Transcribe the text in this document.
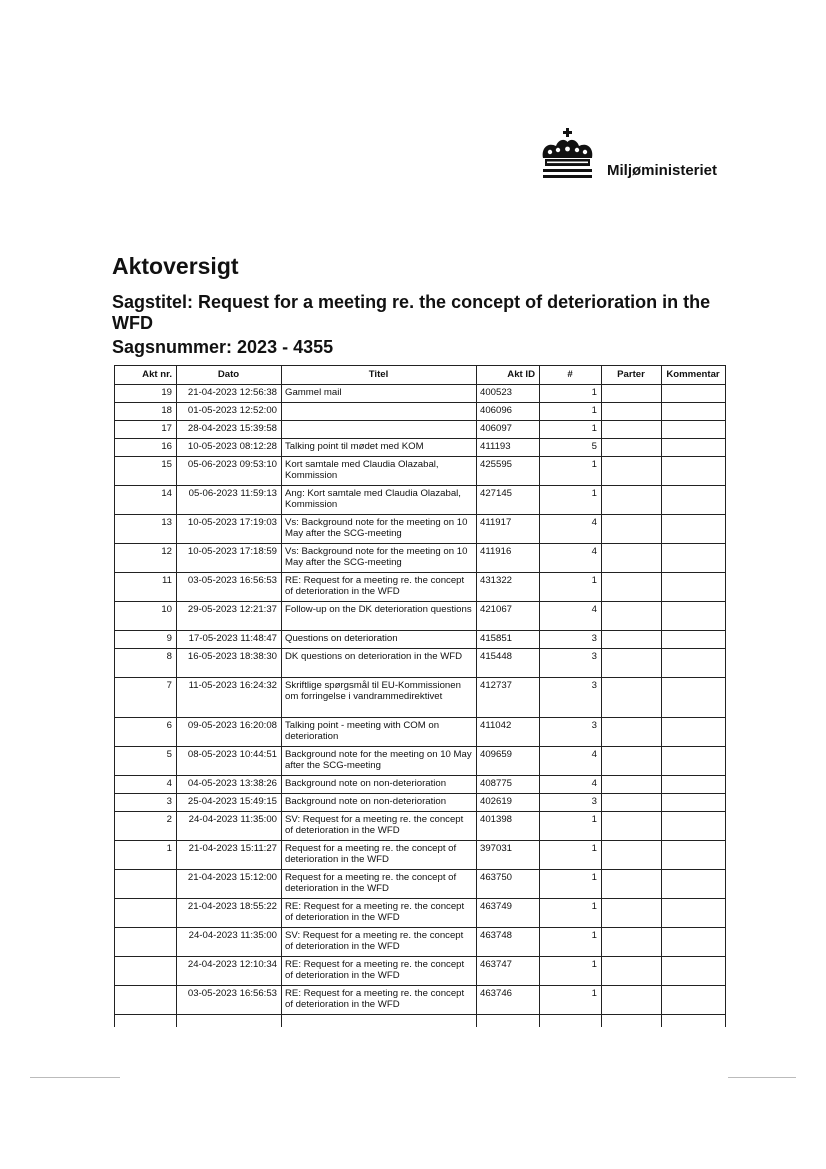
Miljøministeriet
Aktoversigt
Sagstitel: Request for a meeting re. the concept of deterioration in the WFD
Sagsnummer: 2023 - 4355
Akt nr.	Dato	Titel	Akt ID	#	Parter	Kommentar
19	21-04-2023 12:56:38	Gammel mail	400523	1		
18	01-05-2023 12:52:00		406096	1		
17	28-04-2023 15:39:58		406097	1		
16	10-05-2023 08:12:28	Talking point til mødet med KOM	411193	5		
15	05-06-2023 09:53:10	Kort samtale med Claudia Olazabal, Kommission	425595	1		
14	05-06-2023 11:59:13	Ang: Kort samtale med Claudia Olazabal, Kommission	427145	1		
13	10-05-2023 17:19:03	Vs: Background note for the meeting on 10 May after the SCG-meeting	411917	4		
12	10-05-2023 17:18:59	Vs: Background note for the meeting on 10 May after the SCG-meeting	411916	4		
11	03-05-2023 16:56:53	RE: Request for a meeting re. the concept of deterioration in the WFD	431322	1		
10	29-05-2023 12:21:37	Follow-up on the DK deterioration questions	421067	4		
9	17-05-2023 11:48:47	Questions on deterioration	415851	3		
8	16-05-2023 18:38:30	DK questions on deterioration in the WFD	415448	3		
7	11-05-2023 16:24:32	Skriftlige spørgsmål til EU-Kommissionen om forringelse i vandrammedirektivet	412737	3		
6	09-05-2023 16:20:08	Talking point - meeting with COM on deterioration	411042	3		
5	08-05-2023 10:44:51	Background note for the meeting on 10 May after the SCG-meeting	409659	4		
4	04-05-2023 13:38:26	Background note on non-deterioration	408775	4		
3	25-04-2023 15:49:15	Background note on non-deterioration	402619	3		
2	24-04-2023 11:35:00	SV: Request for a meeting re. the concept of deterioration in the WFD	401398	1		
1	21-04-2023 15:11:27	Request for a meeting re. the concept of deterioration in the WFD	397031	1		
	21-04-2023 15:12:00	Request for a meeting re. the concept of deterioration in the WFD	463750	1		
	21-04-2023 18:55:22	RE: Request for a meeting re. the concept of deterioration in the WFD	463749	1		
	24-04-2023 11:35:00	SV: Request for a meeting re. the concept of deterioration in the WFD	463748	1		
	24-04-2023 12:10:34	RE: Request for a meeting re. the concept of deterioration in the WFD	463747	1		
	03-05-2023 16:56:53	RE: Request for a meeting re. the concept of deterioration in the WFD	463746	1		
